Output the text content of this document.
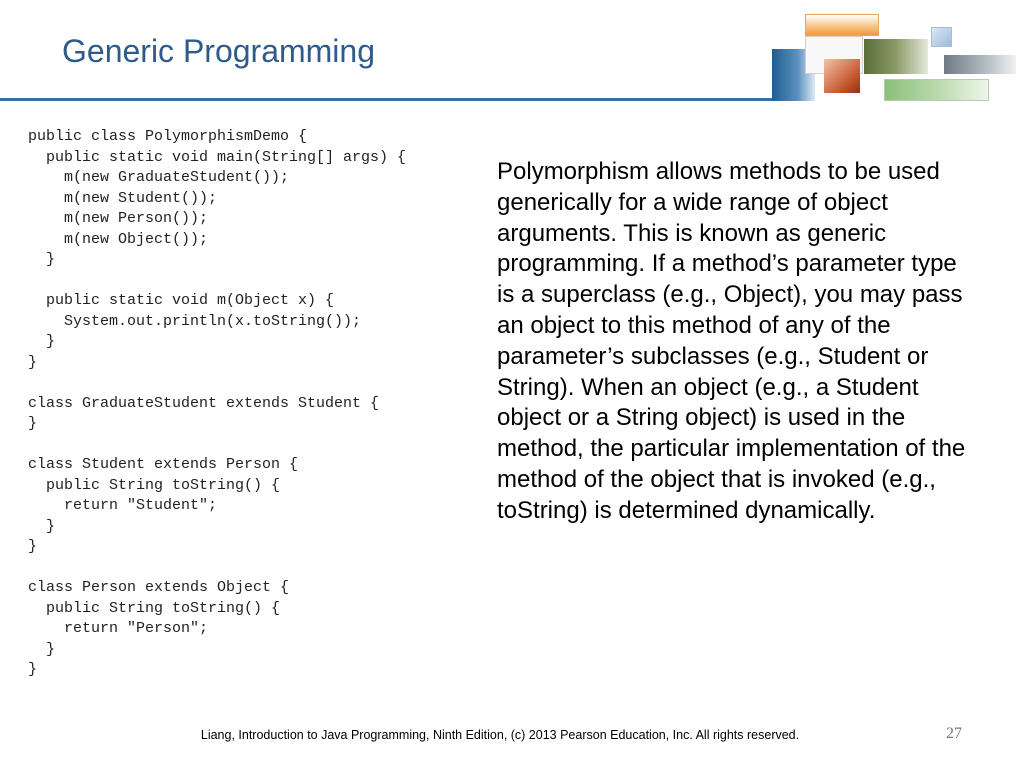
Generic Programming
public class PolymorphismDemo {
public static void main(String[] args) {
m(new GraduateStudent());
m(new Student());
m(new Person());
m(new Object());
}

public static void m(Object x) {
System.out.println(x.toString());
}
}

class GraduateStudent extends Student {
}

class Student extends Person {
public String toString() {
return "Student";
}
}

class Person extends Object {
public String toString() {
return "Person";
}
}

Polymorphism allows methods to be used generically for a wide range of object arguments. This is known as generic programming. If a method’s parameter type is a superclass (e.g., Object), you may pass an object to this method of any of the parameter’s subclasses (e.g., Student or String). When an object (e.g., a Student object or a String object) is used in the method, the particular implementation of the method of the object that is invoked (e.g., toString) is determined dynamically.

Liang, Introduction to Java Programming, Ninth Edition, (c) 2013 Pearson Education, Inc. All rights reserved.	27
